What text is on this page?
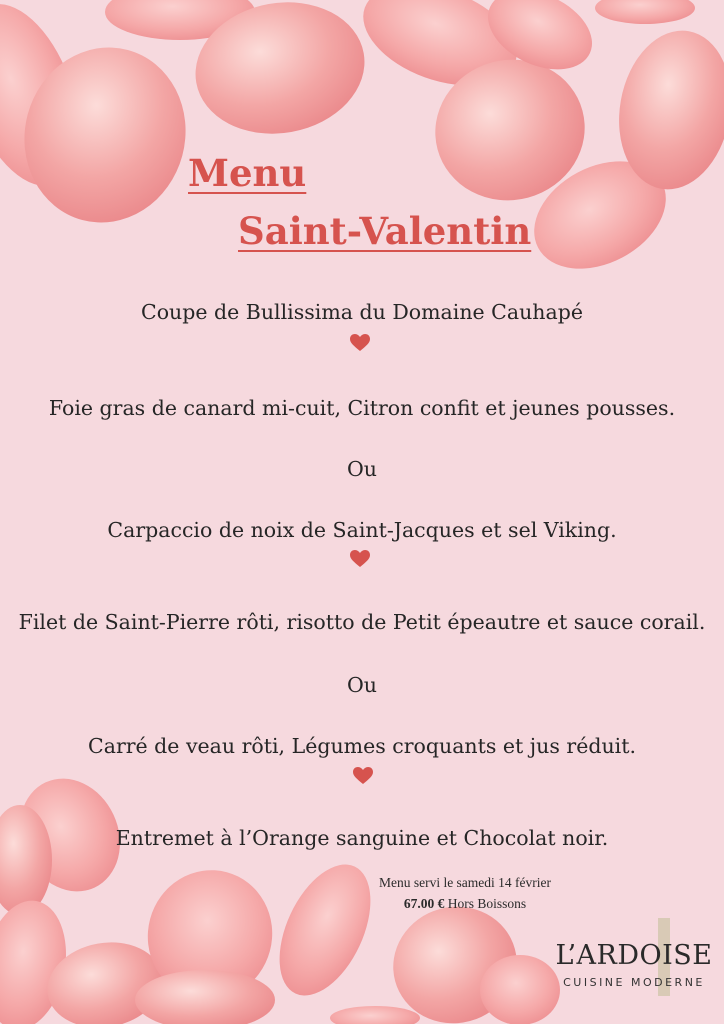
Menu
Saint-Valentin
Coupe de Bullissima du Domaine Cauhapé
Foie gras de canard mi-cuit, Citron confit et jeunes pousses.
Ou
Carpaccio de noix de Saint-Jacques et sel Viking.
Filet de Saint-Pierre rôti, risotto de Petit épeautre et sauce corail.
Ou
Carré de veau rôti, Légumes croquants et jus réduit.
Entremet à l’Orange sanguine et Chocolat noir.
Menu servi le samedi 14 février
67.00 € Hors Boissons
L’ARDOISE
CUISINE MODERNE
